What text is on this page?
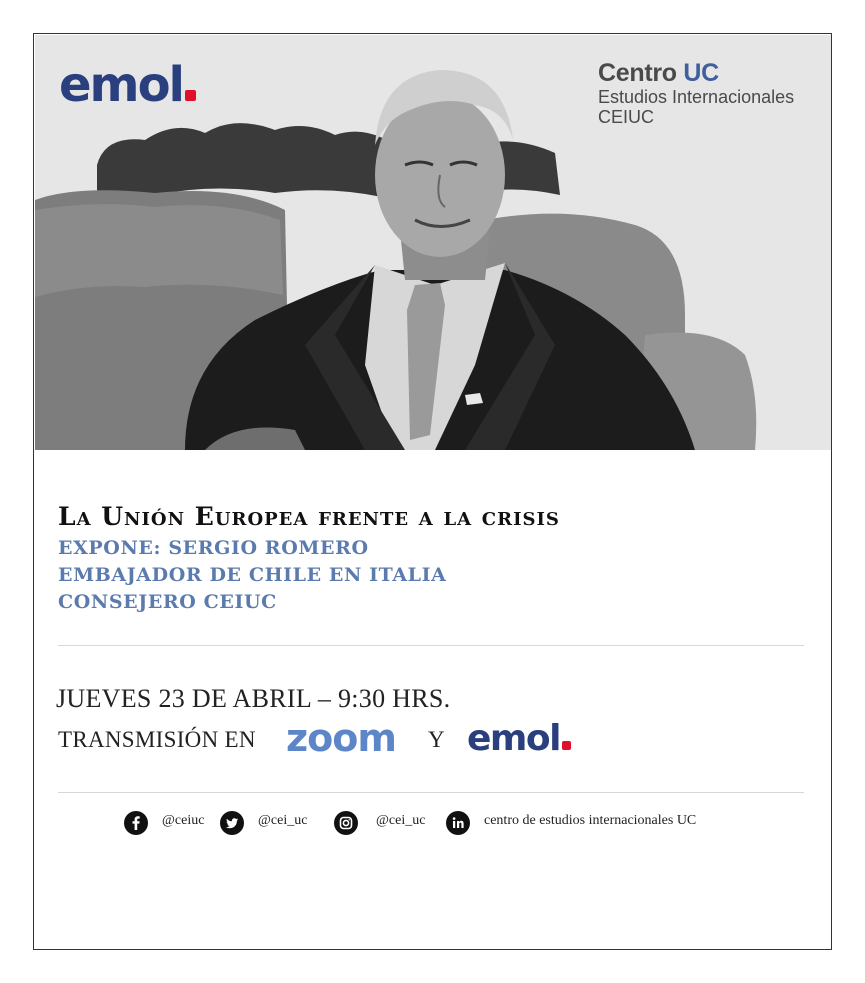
emol	Centro UC
Estudios Internacionales
CEIUC
La Unión Europea frente a la crisis
EXPONE: SERGIO ROMERO
EMBAJADOR DE CHILE EN ITALIA
CONSEJERO CEIUC
JUEVES 23 DE ABRIL – 9:30 HRS.
TRANSMISIÓN EN zoom Y emol
@ceiuc	@cei_uc	@cei_uc	centro de estudios internacionales UC
